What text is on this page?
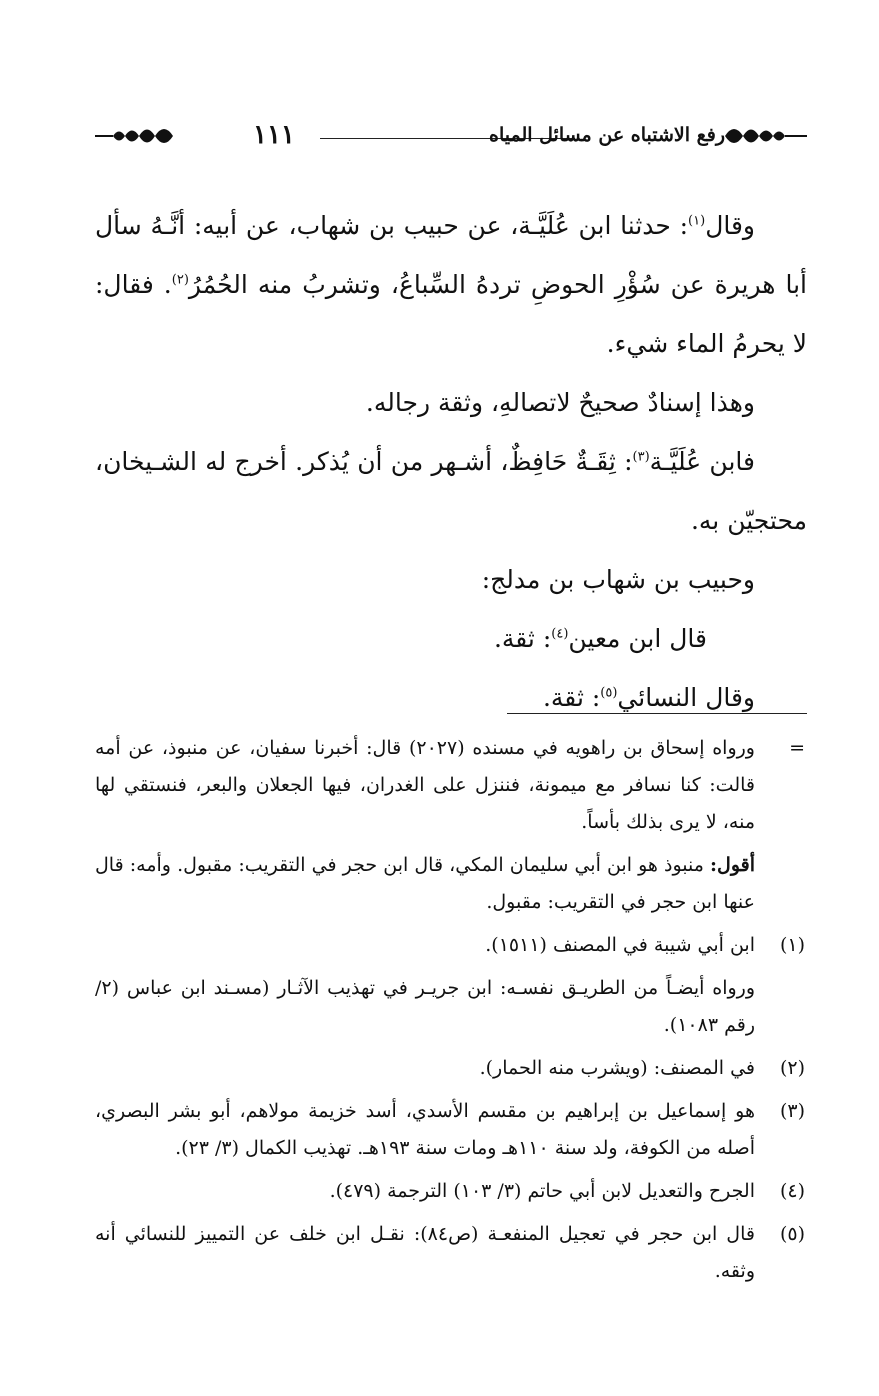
١١١	رفع الاشتباه عن مسائل المياه

وقال$^{(١)}$: حدثنا ابن عُلَيَّـة، عن حبيب بن شهاب، عن أبيه: أنَّـهُ سأل أبا هريرة عن سُؤْرِ الحوضِ تردهُ السِّباعُ، وتشربُ منه الحُمُرُ$^{(٢)}$. فقال: لا يحرمُ الماء شيء.

وهذا إسنادٌ صحيحٌ لاتصالهِ، وثقة رجاله.

فابن عُلَيَّـة$^{(٣)}$: ثِقَـةٌ حَافِظٌ، أشـهر من أن يُذكر. أخرج له الشـيخان، محتجيّن به.

وحبيب بن شهاب بن مدلج:

قال ابن معين$^{(٤)}$: ثقة.

وقال النسائي$^{(٥)}$: ثقة.

=
ورواه إسحاق بن راهويه في مسنده (٢٠٢٧) قال: أخبرنا سفيان، عن منبوذ، عن أمه قالت: كنا نسافر مع ميمونة، فننزل على الغدران، فيها الجعلان والبعر، فنستقي لها منه، لا يرى بذلك بأساً.

أقول: منبوذ هو ابن أبي سليمان المكي، قال ابن حجر في التقريب: مقبول. وأمه: قال عنها ابن حجر في التقريب: مقبول.

(١)
ابن أبي شيبة في المصنف (١٥١١).

ورواه أيضـاً من الطريـق نفسـه: ابن جريـر في تهذيب الآثـار (مسـند ابن عباس (٢/ رقم ١٠٨٣).

(٢)
في المصنف: (ويشرب منه الحمار).

(٣)
هو إسماعيل بن إبراهيم بن مقسم الأسدي، أسد خزيمة مولاهم، أبو بشر البصري، أصله من الكوفة، ولد سنة ١١٠هـ ومات سنة ١٩٣هـ. تهذيب الكمال (٣/ ٢٣).

(٤)
الجرح والتعديل لابن أبي حاتم (٣/ ١٠٣) الترجمة (٤٧٩).

(٥)
قال ابن حجر في تعجيل المنفعـة (ص٨٤): نقـل ابن خلف عن التمييز للنسائي أنه وثقه.
